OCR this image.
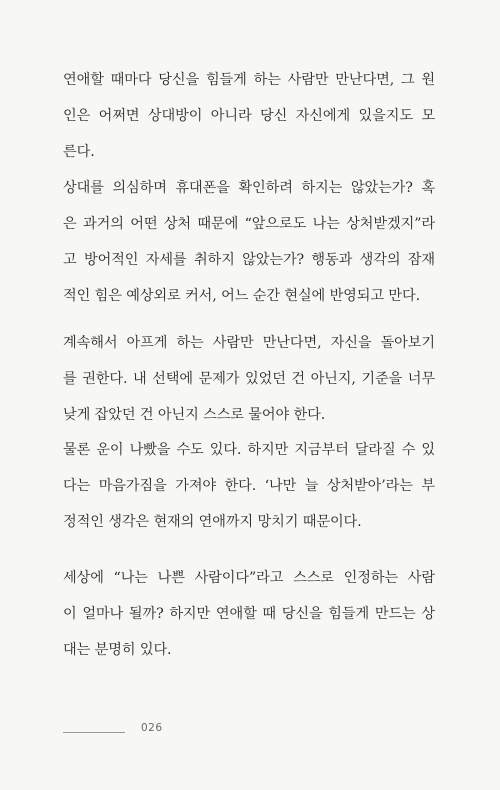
연애할 때마다 당신을 힘들게 하는 사람만 만난다면, 그 원
인은 어쩌면 상대방이 아니라 당신 자신에게 있을지도 모
른다.
상대를 의심하며 휴대폰을 확인하려 하지는 않았는가? 혹
은 과거의 어떤 상처 때문에 “앞으로도 나는 상처받겠지”라
고 방어적인 자세를 취하지 않았는가? 행동과 생각의 잠재
적인 힘은 예상외로 커서, 어느 순간 현실에 반영되고 만다.
계속해서 아프게 하는 사람만 만난다면, 자신을 돌아보기
를 권한다. 내 선택에 문제가 있었던 건 아닌지, 기준을 너무
낮게 잡았던 건 아닌지 스스로 물어야 한다.
물론 운이 나빴을 수도 있다. 하지만 지금부터 달라질 수 있
다는 마음가짐을 가져야 한다. ‘나만 늘 상처받아’라는 부
정적인 생각은 현재의 연애까지 망치기 때문이다.
세상에 “나는 나쁜 사람이다”라고 스스로 인정하는 사람
이 얼마나 될까? 하지만 연애할 때 당신을 힘들게 만드는 상
대는 분명히 있다.
026
